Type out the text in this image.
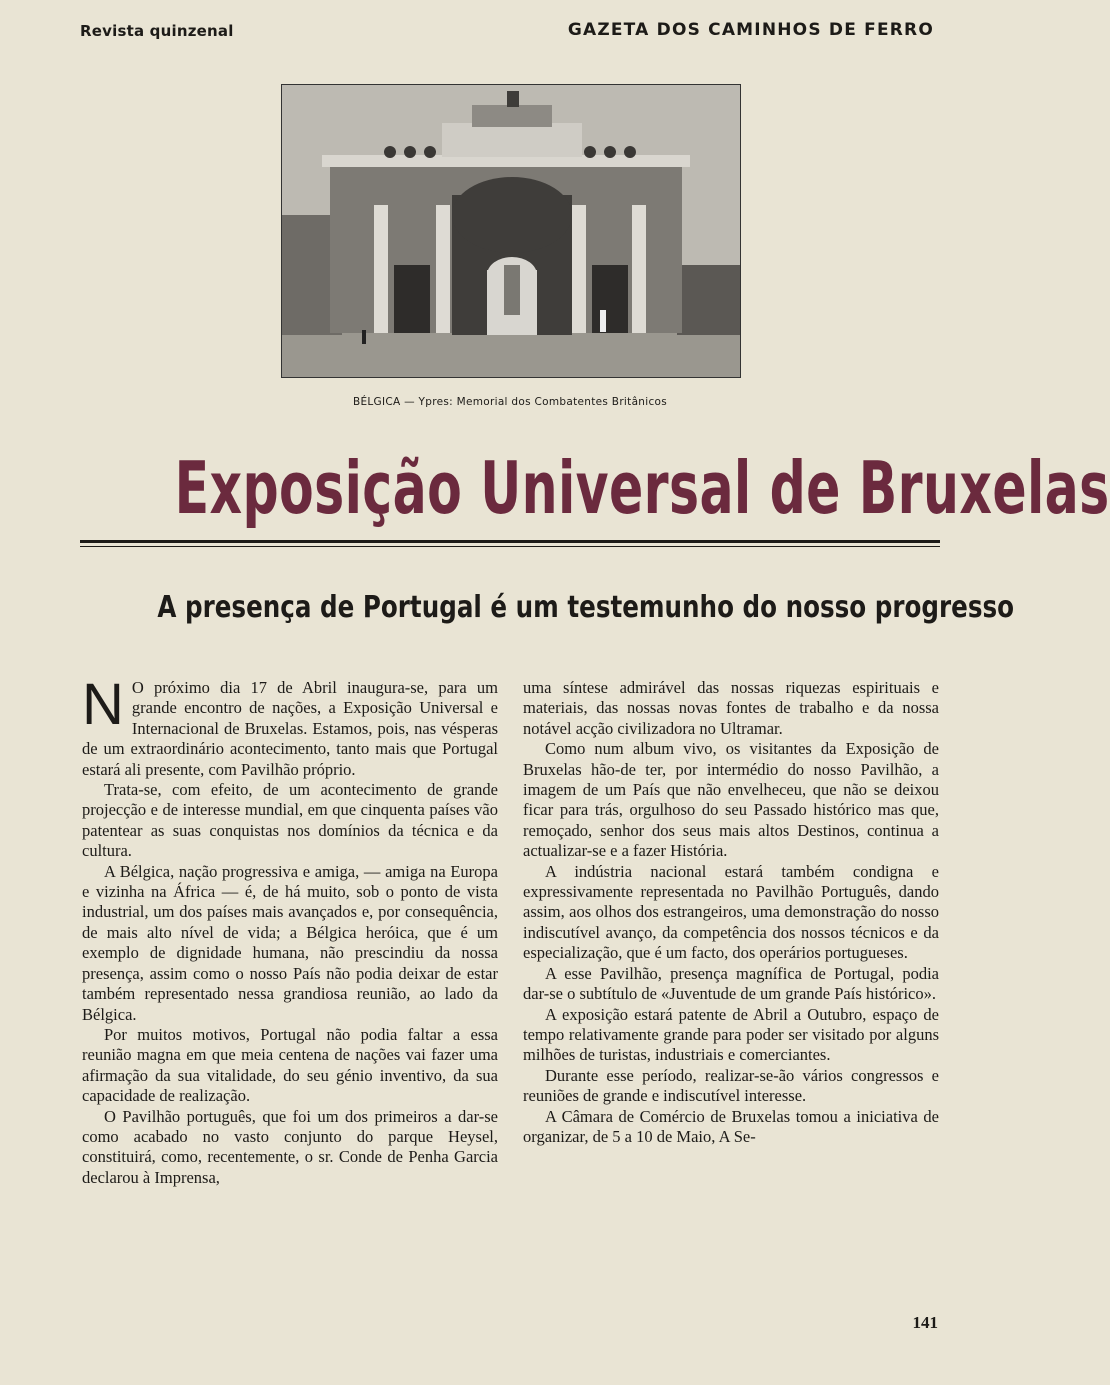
Revista quinzenal	GAZETA DOS CAMINHOS DE FERRO
BÉLGICA — Ypres: Memorial dos Combatentes Britânicos
Exposição Universal de Bruxelas
A presença de Portugal é um testemunho do nosso progresso

N O próximo dia 17 de Abril inaugura-se, para um grande encontro de nações, a Exposição Universal e Internacional de Bruxelas. Estamos, pois, nas vésperas de um extraordinário acontecimento, tanto mais que Portugal estará ali presente, com Pavilhão próprio.

Trata-se, com efeito, de um acontecimento de grande projecção e de interesse mundial, em que cinquenta países vão patentear as suas conquistas nos domínios da técnica e da cultura.

A Bélgica, nação progressiva e amiga, — amiga na Europa e vizinha na África — é, de há muito, sob o ponto de vista industrial, um dos países mais avançados e, por consequência, de mais alto nível de vida; a Bélgica heróica, que é um exemplo de dignidade humana, não prescindiu da nossa presença, assim como o nosso País não podia deixar de estar também representado nessa grandiosa reunião, ao lado da Bélgica.

Por muitos motivos, Portugal não podia faltar a essa reunião magna em que meia centena de nações vai fazer uma afirmação da sua vitalidade, do seu génio inventivo, da sua capacidade de realização.

O Pavilhão português, que foi um dos primeiros a dar-se como acabado no vasto conjunto do parque Heysel, constituirá, como, recentemente, o sr. Conde de Penha Garcia declarou à Imprensa,

uma síntese admirável das nossas riquezas espirituais e materiais, das nossas novas fontes de trabalho e da nossa notável acção civilizadora no Ultramar.

Como num album vivo, os visitantes da Exposição de Bruxelas hão-de ter, por intermédio do nosso Pavilhão, a imagem de um País que não envelheceu, que não se deixou ficar para trás, orgulhoso do seu Passado histórico mas que, remoçado, senhor dos seus mais altos Destinos, continua a actualizar-se e a fazer História.

A indústria nacional estará também condigna e expressivamente representada no Pavilhão Português, dando assim, aos olhos dos estrangeiros, uma demonstração do nosso indiscutível avanço, da competência dos nossos técnicos e da especialização, que é um facto, dos operários portugueses.

A esse Pavilhão, presença magnífica de Portugal, podia dar-se o subtítulo de «Juventude de um grande País histórico».

A exposição estará patente de Abril a Outubro, espaço de tempo relativamente grande para poder ser visitado por alguns milhões de turistas, industriais e comerciantes.

Durante esse período, realizar-se-ão vários congressos e reuniões de grande e indiscutível interesse.

A Câmara de Comércio de Bruxelas tomou a iniciativa de organizar, de 5 a 10 de Maio, A Se-

141
